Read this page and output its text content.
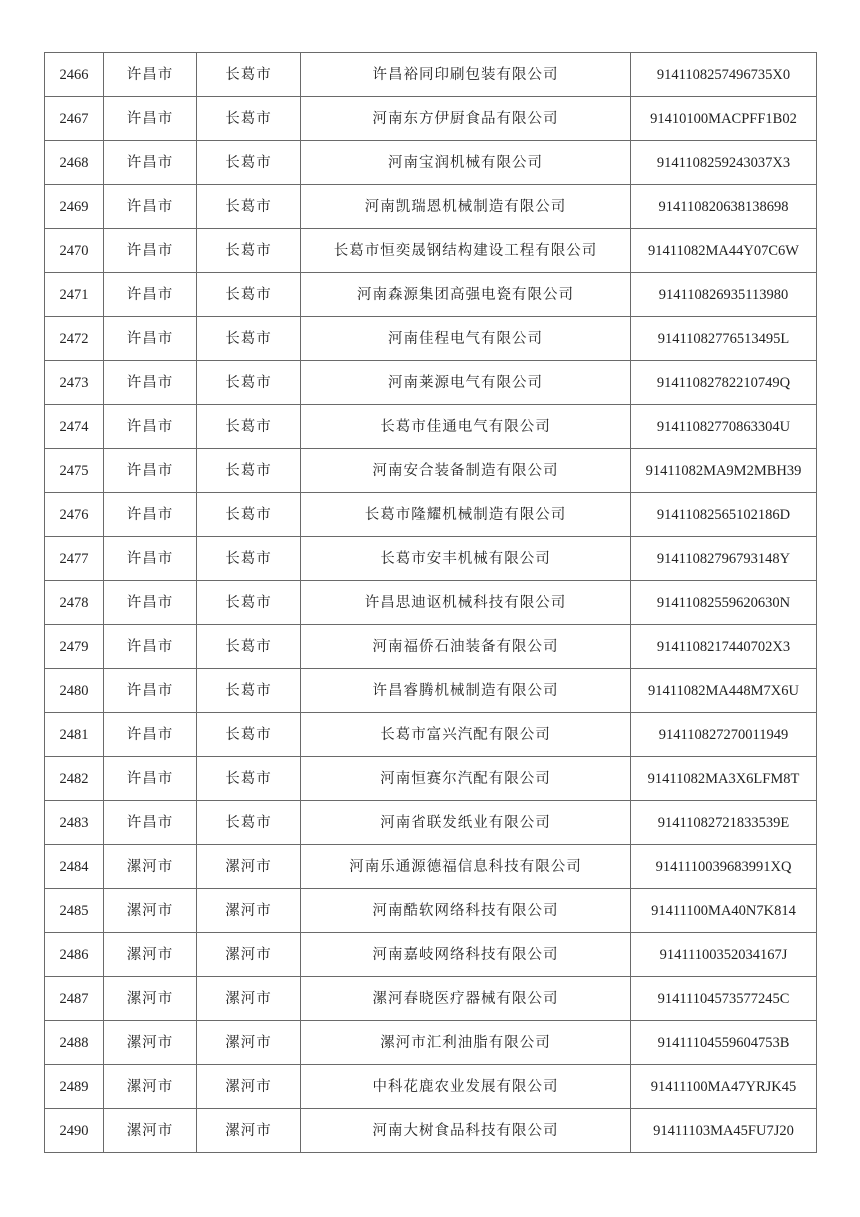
2466	许昌市	长葛市	许昌裕同印刷包装有限公司	9141108257496735X0
2467	许昌市	长葛市	河南东方伊厨食品有限公司	91410100MACPFF1B02
2468	许昌市	长葛市	河南宝润机械有限公司	9141108259243037X3
2469	许昌市	长葛市	河南凯瑞恩机械制造有限公司	914110820638138698
2470	许昌市	长葛市	长葛市恒奕晟钢结构建设工程有限公司	91411082MA44Y07C6W
2471	许昌市	长葛市	河南森源集团高强电瓷有限公司	914110826935113980
2472	许昌市	长葛市	河南佳程电气有限公司	91411082776513495L
2473	许昌市	长葛市	河南莱源电气有限公司	91411082782210749Q
2474	许昌市	长葛市	长葛市佳通电气有限公司	91411082770863304U
2475	许昌市	长葛市	河南安合装备制造有限公司	91411082MA9M2MBH39
2476	许昌市	长葛市	长葛市隆耀机械制造有限公司	91411082565102186D
2477	许昌市	长葛市	长葛市安丰机械有限公司	91411082796793148Y
2478	许昌市	长葛市	许昌思迪讴机械科技有限公司	91411082559620630N
2479	许昌市	长葛市	河南福侨石油装备有限公司	9141108217440702X3
2480	许昌市	长葛市	许昌睿腾机械制造有限公司	91411082MA448M7X6U
2481	许昌市	长葛市	长葛市富兴汽配有限公司	914110827270011949
2482	许昌市	长葛市	河南恒赛尔汽配有限公司	91411082MA3X6LFM8T
2483	许昌市	长葛市	河南省联发纸业有限公司	91411082721833539E
2484	漯河市	漯河市	河南乐通源德福信息科技有限公司	9141110039683991XQ
2485	漯河市	漯河市	河南酷软网络科技有限公司	91411100MA40N7K814
2486	漯河市	漯河市	河南嘉岐网络科技有限公司	91411100352034167J
2487	漯河市	漯河市	漯河春晓医疗器械有限公司	91411104573577245C
2488	漯河市	漯河市	漯河市汇利油脂有限公司	91411104559604753B
2489	漯河市	漯河市	中科花鹿农业发展有限公司	91411100MA47YRJK45
2490	漯河市	漯河市	河南大树食品科技有限公司	91411103MA45FU7J20
